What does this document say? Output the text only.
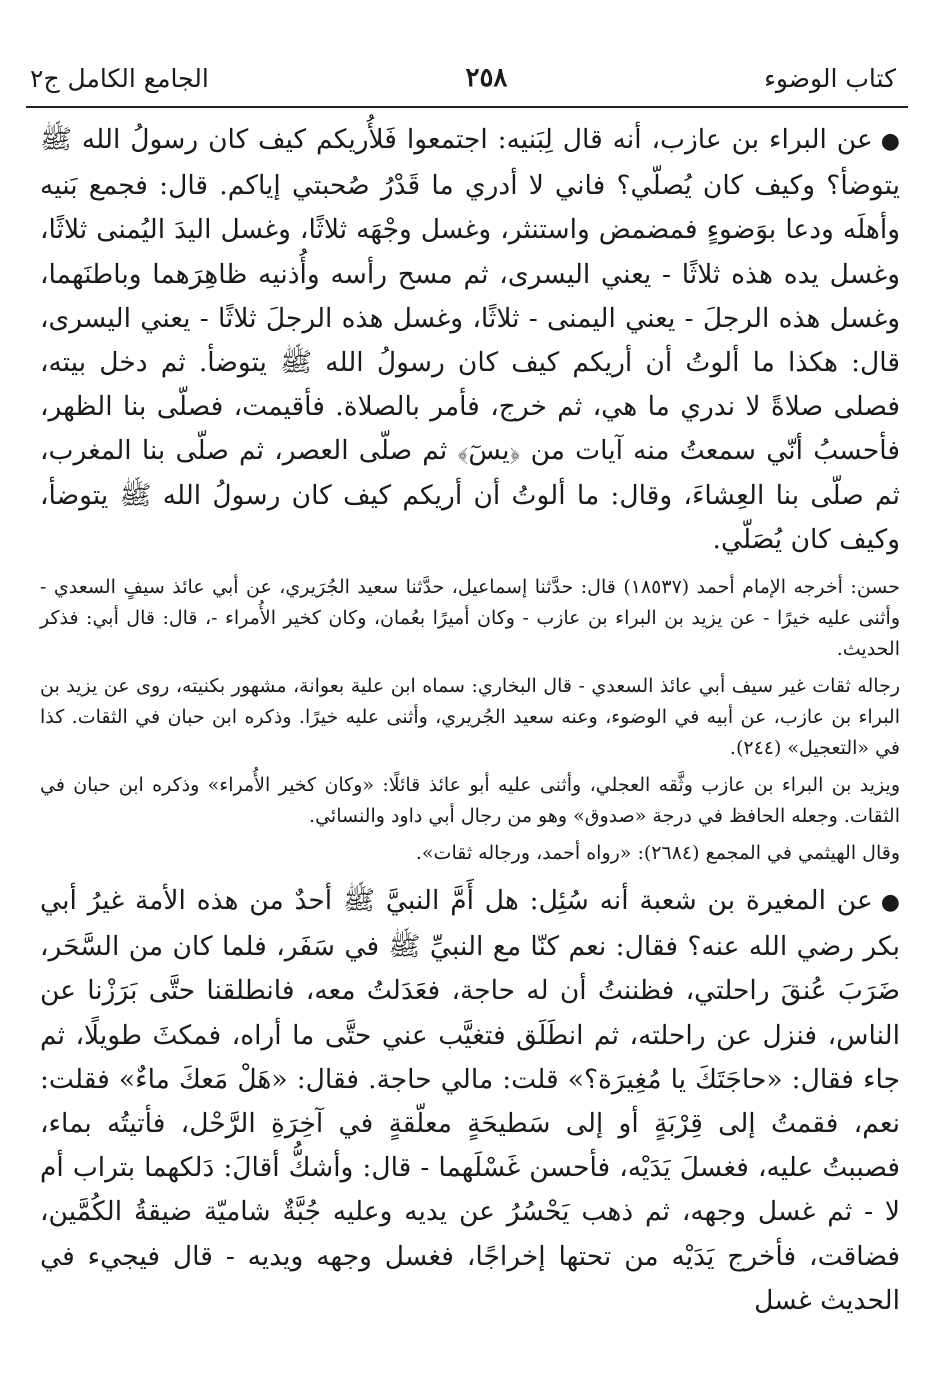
كتاب الوضوء
٢٥٨
الجامع الكامل ج٢

●عن البراء بن عازب، أنه قال لِبَنيه: اجتمعوا فَلأُريكم كيف كان رسولُ الله ﷺ يتوضأ؟ وكيف كان يُصلّي؟ فاني لا أدري ما قَدْرُ صُحبتي إياكم. قال: فجمع بَنيه وأهلَه ودعا بوَضوءٍ فمضمض واستنثر، وغسل وجْهَه ثلاثًا، وغسل اليدَ اليُمنى ثلاثًا، وغسل يده هذه ثلاثًا - يعني اليسرى، ثم مسح رأسه وأُذنيه ظاهِرَهما وباطنَهما، وغسل هذه الرجلَ - يعني اليمنى - ثلاثًا، وغسل هذه الرجلَ ثلاثًا - يعني اليسرى، قال: هكذا ما ألوتُ أن أريكم كيف كان رسولُ الله ﷺ يتوضأ. ثم دخل بيته، فصلى صلاةً لا ندري ما هي، ثم خرج، فأمر بالصلاة. فأقيمت، فصلّى بنا الظهر، فأحسبُ أنّي سمعتُ منه آيات من ﴿يسٓ﴾ ثم صلّى العصر، ثم صلّى بنا المغرب، ثم صلّى بنا العِشاءَ، وقال: ما ألوتُ أن أريكم كيف كان رسولُ الله ﷺ يتوضأ، وكيف كان يُصَلّي.

حسن: أخرجه الإمام أحمد (١٨٥٣٧) قال: حدَّثنا إسماعيل، حدَّثنا سعيد الجُرَيري، عن أبي عائذ سيفٍ السعدي - وأثنى عليه خيرًا - عن يزيد بن البراء بن عازب - وكان أميرًا بعُمان، وكان كخير الأُمراء -، قال: قال أبي: فذكر الحديث.

رجاله ثقات غير سيف أبي عائذ السعدي - قال البخاري: سماه ابن علية بعوانة، مشهور بكنيته، روى عن يزيد بن البراء بن عازب، عن أبيه في الوضوء، وعنه سعيد الجُريري، وأثنى عليه خيرًا. وذكره ابن حبان في الثقات. كذا في «التعجيل» (٢٤٤).

ويزيد بن البراء بن عازب وثَّقه العجلي، وأثنى عليه أبو عائذ قائلًا: «وكان كخير الأُمراء» وذكره ابن حبان في الثقات. وجعله الحافظ في درجة «صدوق» وهو من رجال أبي داود والنسائي.

وقال الهيثمي في المجمع (٢٦٨٤): «رواه أحمد، ورجاله ثقات».

●عن المغيرة بن شعبة أنه سُئِل: هل أَمَّ النبيَّ ﷺ أحدٌ من هذه الأمة غيرُ أبي بكر رضي الله عنه؟ فقال: نعم كنّا مع النبيِّ ﷺ في سَفَر، فلما كان من السَّحَر، ضَرَبَ عُنقَ راحلتي، فظننتُ أن له حاجة، فعَدَلتُ معه، فانطلقنا حتَّى بَرَزْنا عن الناس، فنزل عن راحلته، ثم انطَلَق فتغيَّب عني حتَّى ما أراه، فمكثَ طويلًا، ثم جاء فقال: «حاجَتَكَ يا مُغِيرَة؟» قلت: مالي حاجة. فقال: «هَلْ مَعكَ ماءٌ» فقلت: نعم، فقمتُ إلى قِرْبَةٍ أو إلى سَطيحَةٍ معلّقةٍ في آخِرَةِ الرَّحْل، فأتيتُه بماء، فصببتُ عليه، فغسلَ يَدَيْه، فأحسن غَسْلَهما - قال: وأشكُّ أقالَ: دَلكهما بتراب أم لا - ثم غسل وجهه، ثم ذهب يَحْسُرُ عن يديه وعليه جُبَّةٌ شاميّة ضيقةُ الكُمَّين، فضاقت، فأخرج يَدَيْه من تحتها إخراجًا، فغسل وجهه ويديه - قال فيجيء في الحديث غسل
